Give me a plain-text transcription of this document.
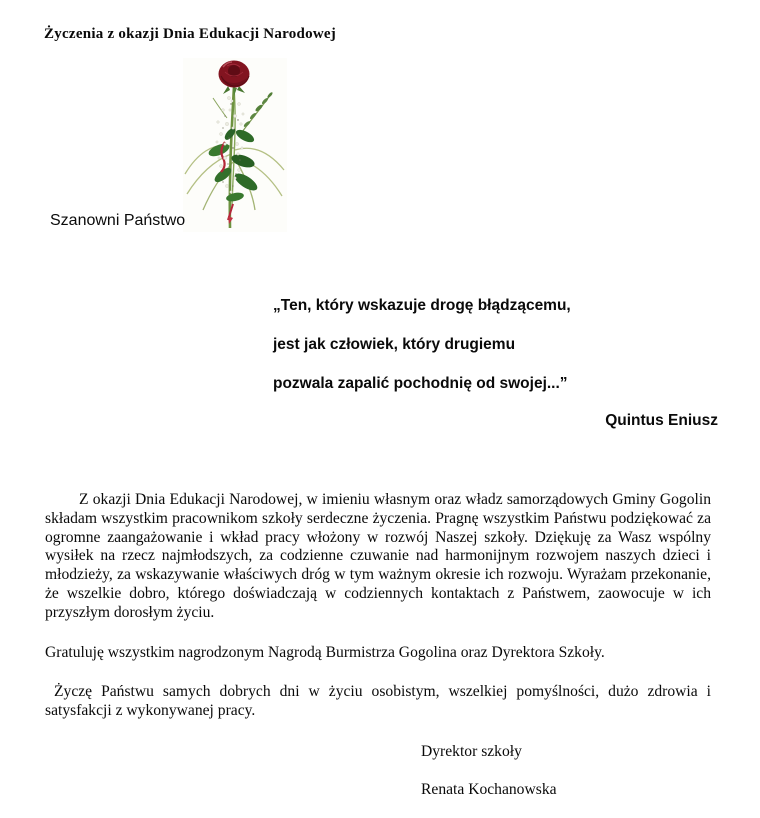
Życzenia z okazji Dnia Edukacji Narodowej
Szanowni Państwo
„Ten, który wskazuje drogę błądzącemu,
jest jak człowiek, który drugiemu
pozwala zapalić pochodnię od swojej...”
Quintus Eniusz

Z okazji Dnia Edukacji Narodowej, w imieniu własnym oraz władz samorządowych Gminy Gogolin składam wszystkim pracownikom szkoły serdeczne życzenia. Pragnę wszystkim Państwu podziękować za ogromne zaangażowanie i wkład pracy włożony w rozwój Naszej szkoły. Dziękuję za Wasz wspólny wysiłek na rzecz najmłodszych, za codzienne czuwanie nad harmonijnym rozwojem naszych dzieci i młodzieży, za wskazywanie właściwych dróg w tym ważnym okresie ich rozwoju. Wyrażam przekonanie, że wszelkie dobro, którego doświadczają w codziennych kontaktach z Państwem, zaowocuje w ich przyszłym dorosłym życiu.

Gratuluję wszystkim nagrodzonym Nagrodą Burmistrza Gogolina oraz Dyrektora Szkoły.

Życzę Państwu samych dobrych dni w życiu osobistym, wszelkiej pomyślności, dużo zdrowia i satysfakcji z wykonywanej pracy.

Dyrektor szkoły
Renata Kochanowska
